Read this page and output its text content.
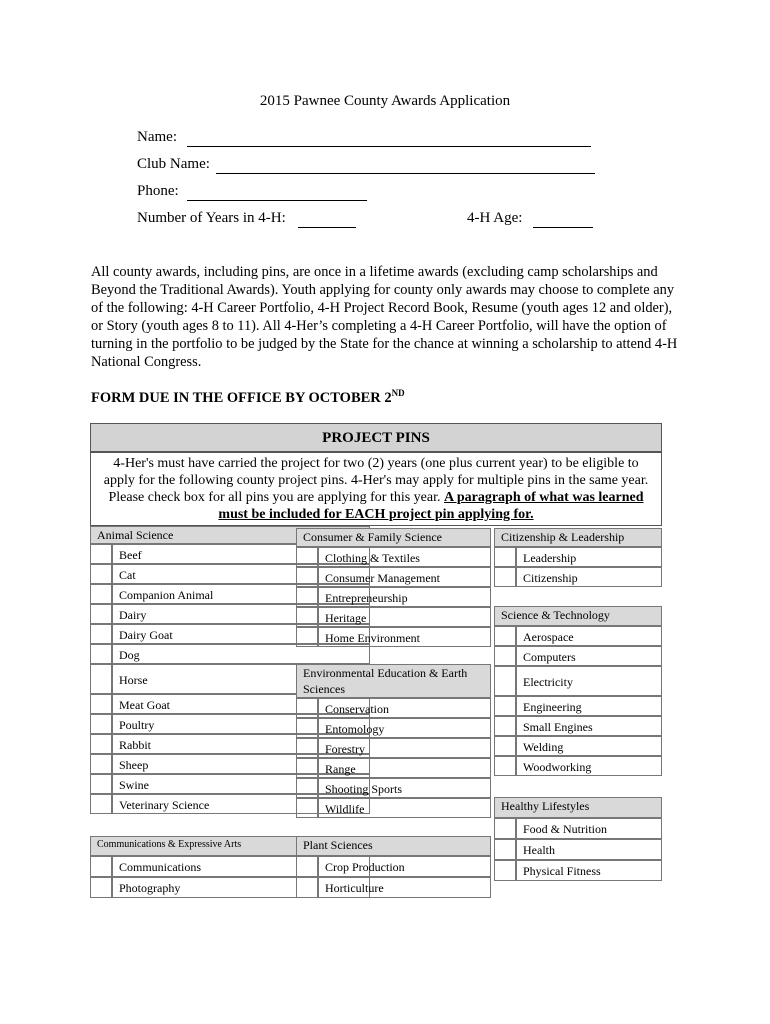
2015 Pawnee County Awards Application
Name:
Club Name:
Phone:
Number of Years in 4-H:	4-H Age:
All county awards, including pins, are once in a lifetime awards (excluding camp scholarships and Beyond the Traditional Awards). Youth applying for county only awards may choose to complete any of the following: 4-H Career Portfolio, 4-H Project Record Book, Resume (youth ages 12 and older), or Story (youth ages 8 to 11). All 4-Her’s completing a 4-H Career Portfolio, will have the option of turning in the portfolio to be judged by the State for the chance at winning a scholarship to attend 4-H National Congress.
FORM DUE IN THE OFFICE BY OCTOBER 2ND
PROJECT PINS
4-Her's must have carried the project for two (2) years (one plus current year) to be eligible to apply for the following county project pins. 4-Her's may apply for multiple pins in the same year. Please check box for all pins you are applying for this year. A paragraph of what was learned must be included for EACH project pin applying for.
Animal Science
Beef
Cat
Companion Animal
Dairy
Dairy Goat
Dog
Horse
Meat Goat
Poultry
Rabbit
Sheep
Swine
Veterinary Science
Communications & Expressive Arts
Communications
Photography
Consumer & Family Science
Clothing & Textiles
Consumer Management
Entrepreneurship
Heritage
Home Environment
Environmental Education & Earth Sciences
Conservation
Entomology
Forestry
Range
Shooting Sports
Wildlife
Plant Sciences
Crop Production
Horticulture
Citizenship & Leadership
Leadership
Citizenship
Science & Technology
Aerospace
Computers
Electricity
Engineering
Small Engines
Welding
Woodworking
Healthy Lifestyles
Food & Nutrition
Health
Physical Fitness
